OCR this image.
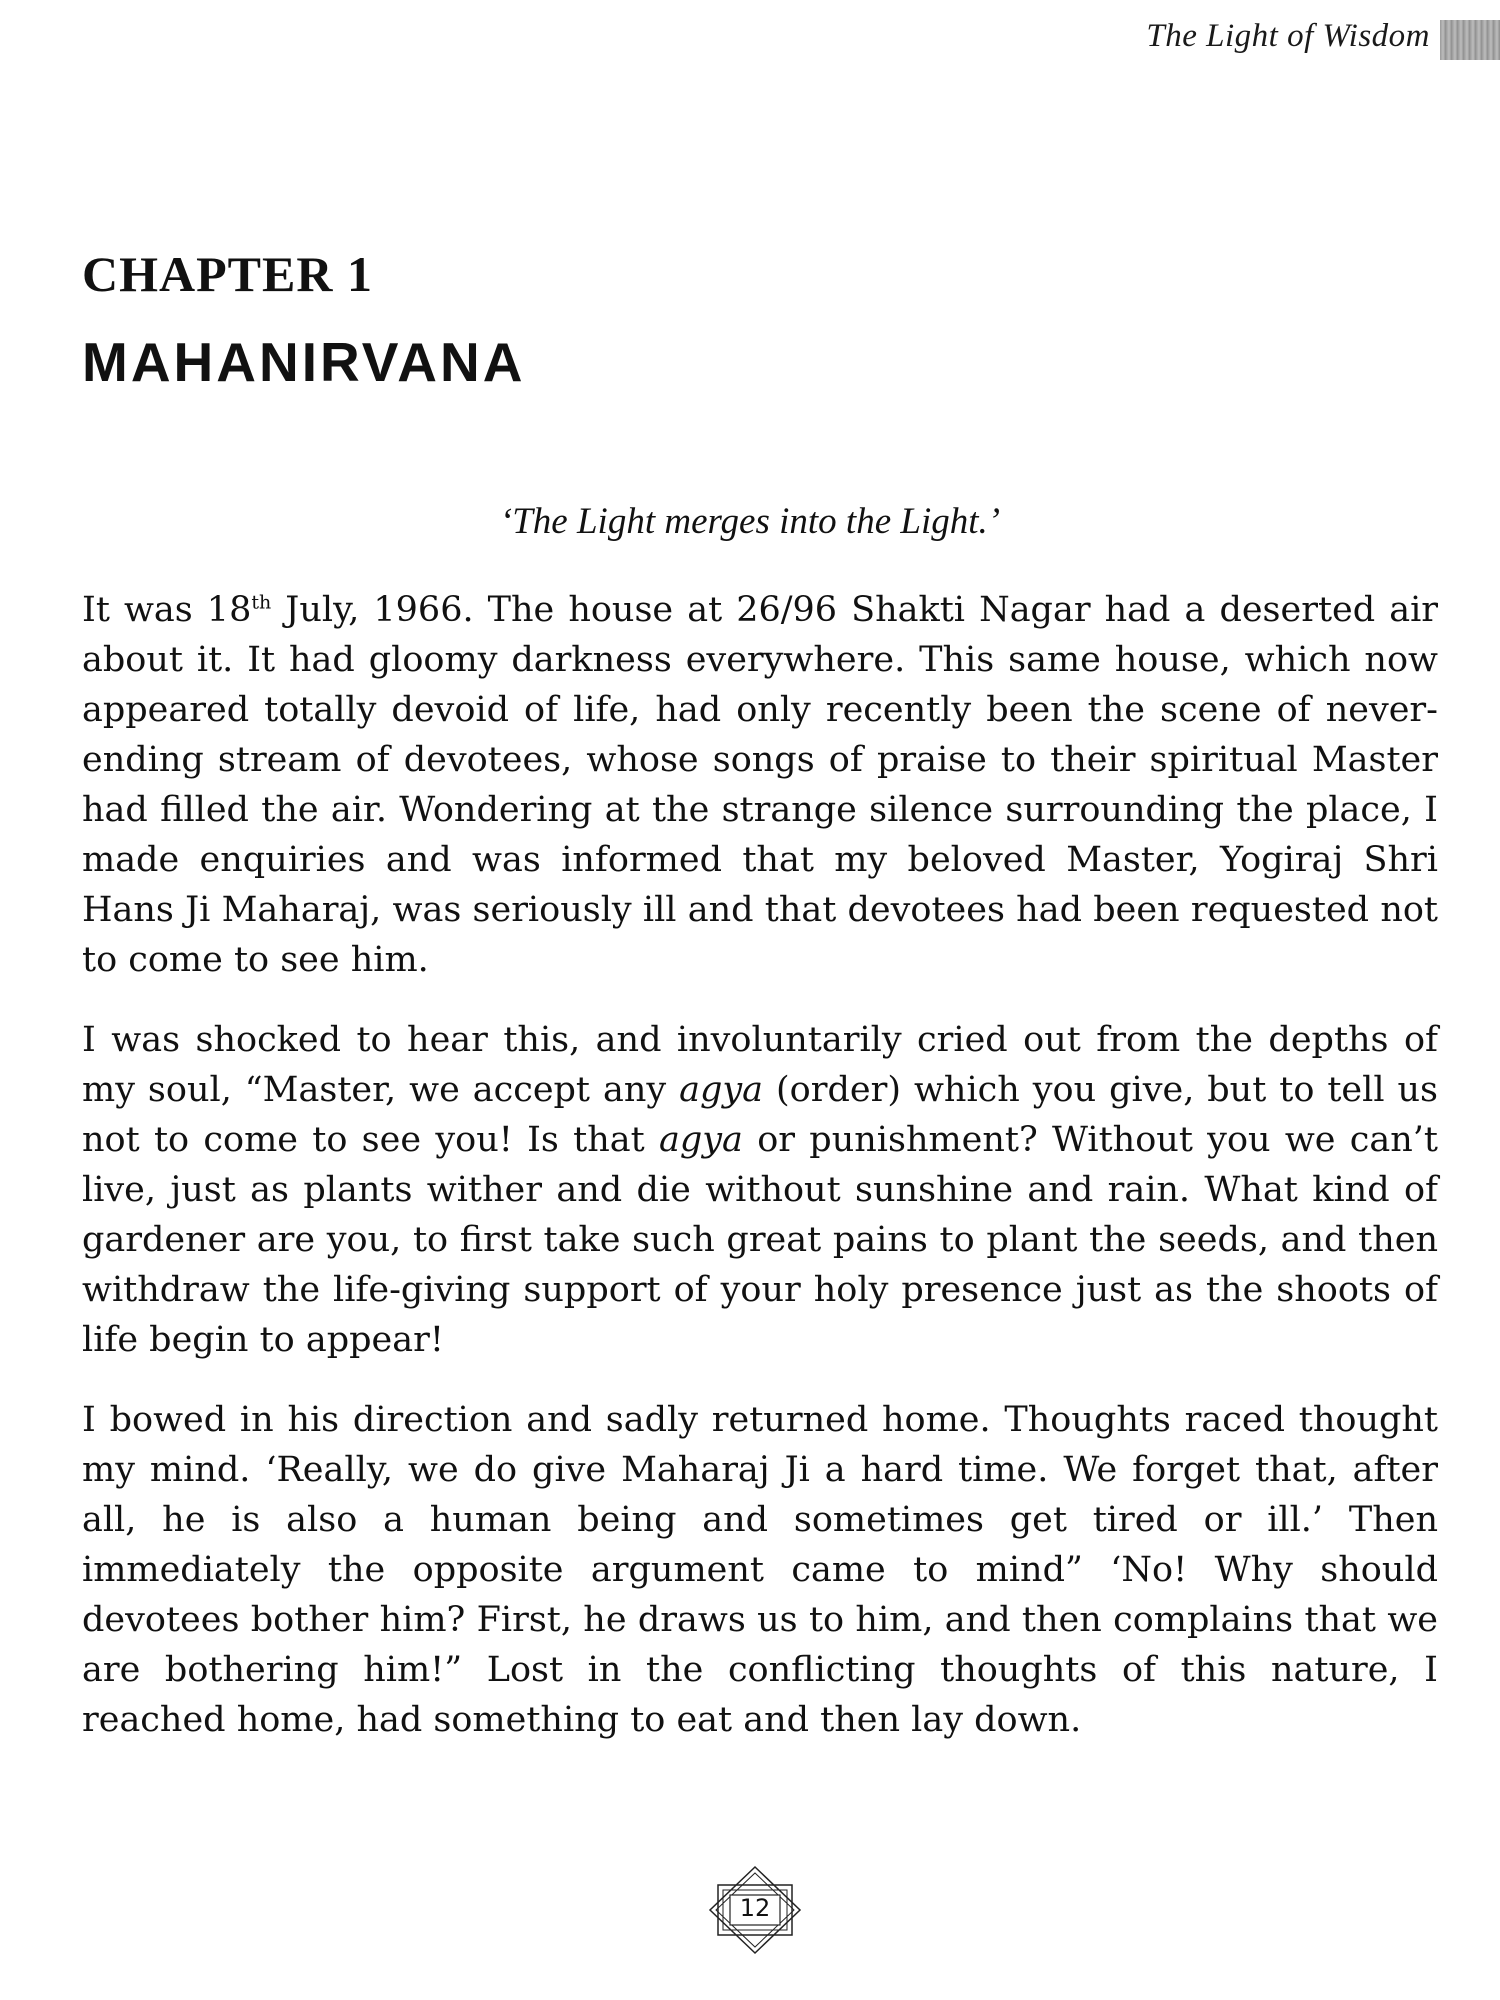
The Light of Wisdom
CHAPTER 1
MAHANIRVANA
‘The Light merges into the Light.’

It was 18th July, 1966. The house at 26/96 Shakti Nagar had a deserted air about it. It had gloomy darkness everywhere. This same house, which now appeared totally devoid of life, had only recently been the scene of never-ending stream of devotees, whose songs of praise to their spiritual Master had filled the air. Wondering at the strange silence surrounding the place, I made enquiries and was informed that my beloved Master, Yogiraj Shri Hans Ji Maharaj, was seriously ill and that devotees had been requested not to come to see him.

I was shocked to hear this, and involuntarily cried out from the depths of my soul, “Master, we accept any agya (order) which you give, but to tell us not to come to see you! Is that agya or punishment? Without you we can’t live, just as plants wither and die without sunshine and rain. What kind of gardener are you, to first take such great pains to plant the seeds, and then withdraw the life-giving support of your holy presence just as the shoots of life begin to appear!

I bowed in his direction and sadly returned home. Thoughts raced thought my mind. ‘Really, we do give Maharaj Ji a hard time. We forget that, after all, he is also a human being and sometimes get tired or ill.’ Then immediately the opposite argument came to mind” ‘No! Why should devotees bother him? First, he draws us to him, and then complains that we are bothering him!” Lost in the conflicting thoughts of this nature, I reached home, had something to eat and then lay down.

12
